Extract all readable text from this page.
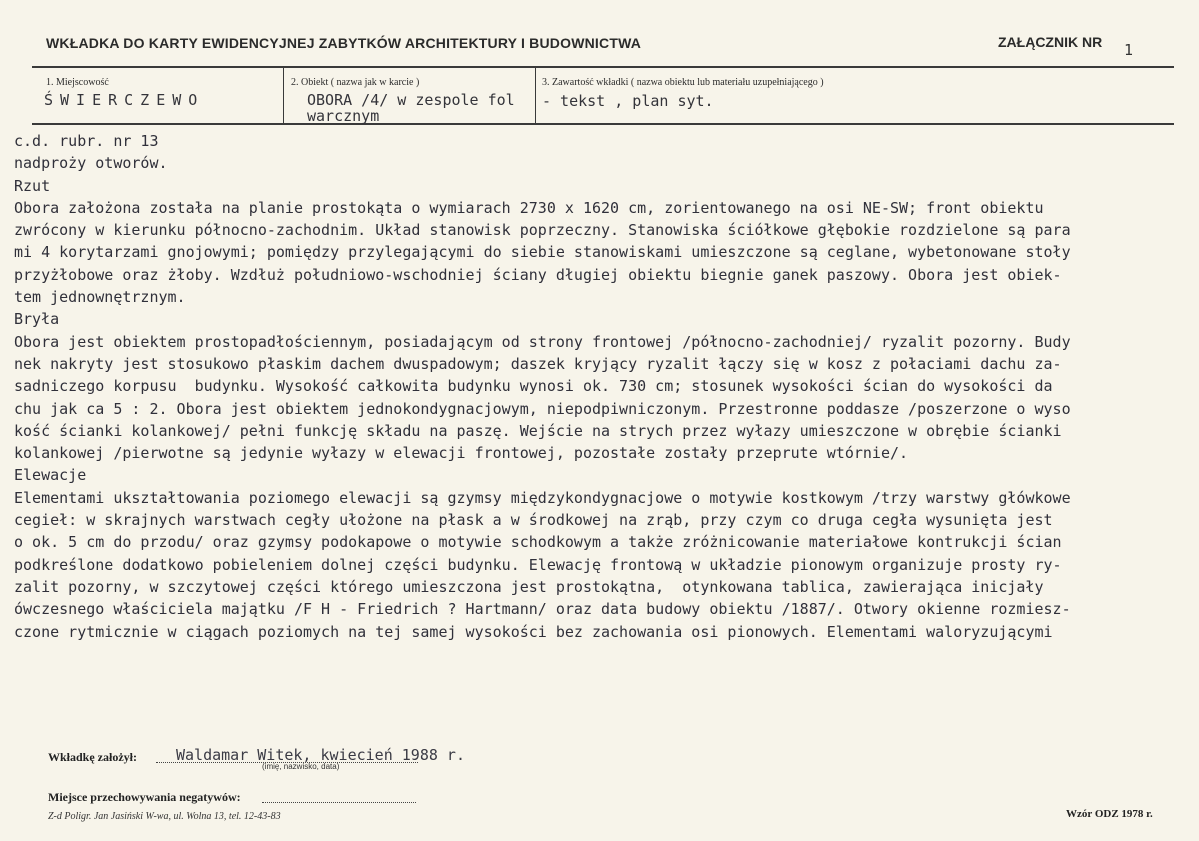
WKŁADKA DO KARTY EWIDENCYJNEJ ZABYTKÓW ARCHITEKTURY I BUDOWNICTWA	ZAŁĄCZNIK NR 1
1. Miejscowość
ŚWIERCZEWO
2. Obiekt ( nazwa jak w karcie )
OBORA /4/ w zespole fol
warcznym
3. Zawartość wkładki ( nazwa obiektu lub materiału uzupełniającego )
- tekst , plan syt.
c.d. rubr. nr 13
nadproży otworów.
Rzut
Obora założona została na planie prostokąta o wymiarach 2730 x 1620 cm, zorientowanego na osi NE-SW; front obiektu
zwrócony w kierunku północno-zachodnim. Układ stanowisk poprzeczny. Stanowiska ściółkowe głębokie rozdzielone są para
mi 4 korytarzami gnojowymi; pomiędzy przylegającymi do siebie stanowiskami umieszczone są ceglane, wybetonowane stoły
przyżłobowe oraz żłoby. Wzdłuż południowo-wschodniej ściany długiej obiektu biegnie ganek paszowy. Obora jest obiek-
tem jednownętrznym.
Bryła
Obora jest obiektem prostopadłościennym, posiadającym od strony frontowej /północno-zachodniej/ ryzalit pozorny. Budy
nek nakryty jest stosukowo płaskim dachem dwuspadowym; daszek kryjący ryzalit łączy się w kosz z połaciami dachu za-
sadniczego korpusu  budynku. Wysokość całkowita budynku wynosi ok. 730 cm; stosunek wysokości ścian do wysokości da
chu jak ca 5 : 2. Obora jest obiektem jednokondygnacjowym, niepodpiwniczonym. Przestronne poddasze /poszerzone o wyso
kość ścianki kolankowej/ pełni funkcję składu na paszę. Wejście na strych przez wyłazy umieszczone w obrębie ścianki
kolankowej /pierwotne są jedynie wyłazy w elewacji frontowej, pozostałe zostały przeprute wtórnie/.
Elewacje
Elementami ukształtowania poziomego elewacji są gzymsy międzykondygnacjowe o motywie kostkowym /trzy warstwy główkowe
cegieł: w skrajnych warstwach cegły ułożone na płask a w środkowej na zrąb, przy czym co druga cegła wysunięta jest
o ok. 5 cm do przodu/ oraz gzymsy podokapowe o motywie schodkowym a także zróżnicowanie materiałowe kontrukcji ścian
podkreślone dodatkowo pobieleniem dolnej części budynku. Elewację frontową w układzie pionowym organizuje prosty ry-
zalit pozorny, w szczytowej części którego umieszczona jest prostokątna,  otynkowana tablica, zawierająca inicjały
ówczesnego właściciela majątku /F H - Friedrich ? Hartmann/ oraz data budowy obiektu /1887/. Otwory okienne rozmiesz-
czone rytmicznie w ciągach poziomych na tej samej wysokości bez zachowania osi pionowych. Elementami waloryzującymi
Wkładkę założył:	Waldamar Witek, kwiecień 1988 r.
(imię, nazwisko, data)
Miejsce przechowywania negatywów:
Z-d Poligr. Jan Jasiński W-wa, ul. Wolna 13, tel. 12-43-83	Wzór ODZ 1978 r.
